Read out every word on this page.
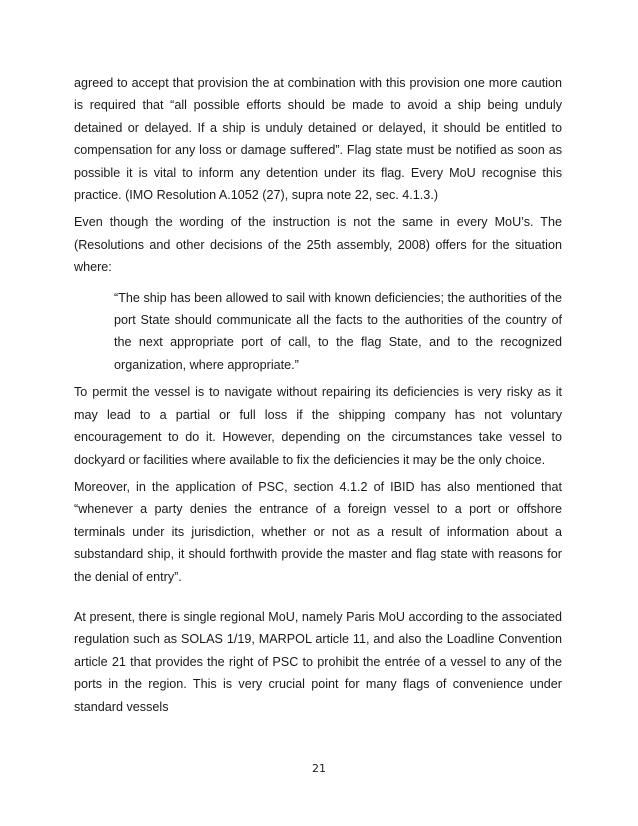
agreed to accept that provision the at combination with this provision one more caution is required that “all possible efforts should be made to avoid a ship being unduly detained or delayed. If a ship is unduly detained or delayed, it should be entitled to compensation for any loss or damage suffered”. Flag state must be notified as soon as possible it is vital to inform any detention under its flag. Every MoU recognise this practice. (IMO Resolution A.1052 (27), supra note 22, sec. 4.1.3.)

Even though the wording of the instruction is not the same in every MoU’s. The (Resolutions and other decisions of the 25th assembly, 2008) offers for the situation where:

“The ship has been allowed to sail with known deficiencies; the authorities of the port State should communicate all the facts to the authorities of the country of the next appropriate port of call, to the flag State, and to the recognized organization, where appropriate.”

To permit the vessel is to navigate without repairing its deficiencies is very risky as it may lead to a partial or full loss if the shipping company has not voluntary encouragement to do it. However, depending on the circumstances take vessel to dockyard or facilities where available to fix the deficiencies it may be the only choice.

Moreover, in the application of PSC, section 4.1.2 of IBID has also mentioned that “whenever a party denies the entrance of a foreign vessel to a port or offshore terminals under its jurisdiction, whether or not as a result of information about a substandard ship, it should forthwith provide the master and flag state with reasons for the denial of entry”.

At present, there is single regional MoU, namely Paris MoU according to the associated regulation such as SOLAS 1/19, MARPOL article 11, and also the Loadline Convention article 21 that provides the right of PSC to prohibit the entrée of a vessel to any of the ports in the region. This is very crucial point for many flags of convenience under standard vessels

21
